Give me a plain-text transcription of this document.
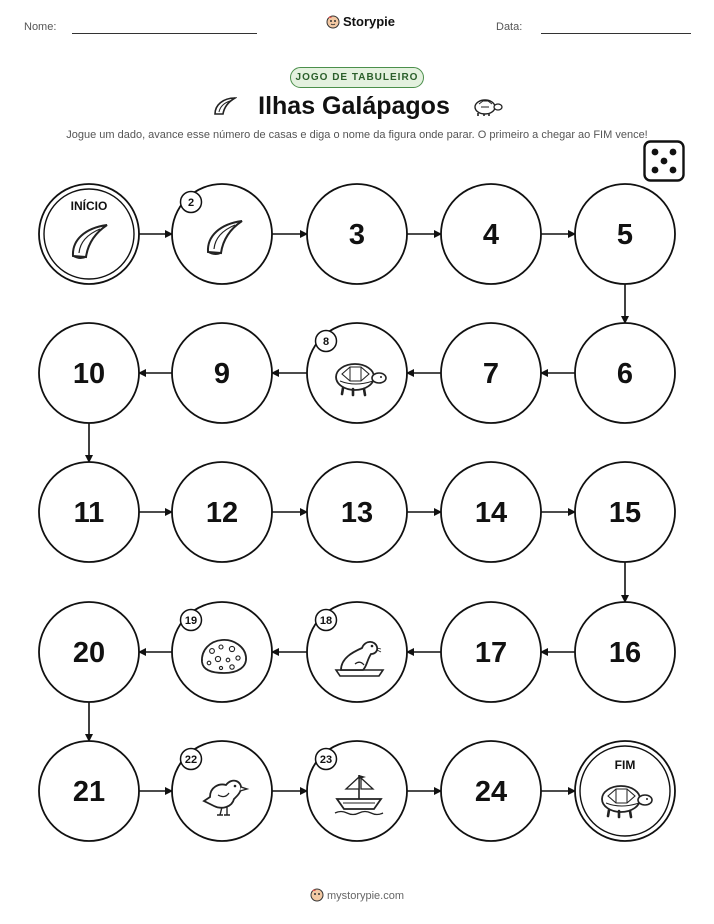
Nome:	Storypie	Data:
JOGO DE TABULEIRO
Ilhas Galápagos
Jogue um dado, avance esse número de casas e diga o nome da figura onde parar. O primeiro a chegar ao FIM vence!
INÍCIO	2
3	4	5
6
7
8
9
10
11	12	13	14	15
16
17
18
19
20
21
22	23
24
FIM
mystorypie.com
